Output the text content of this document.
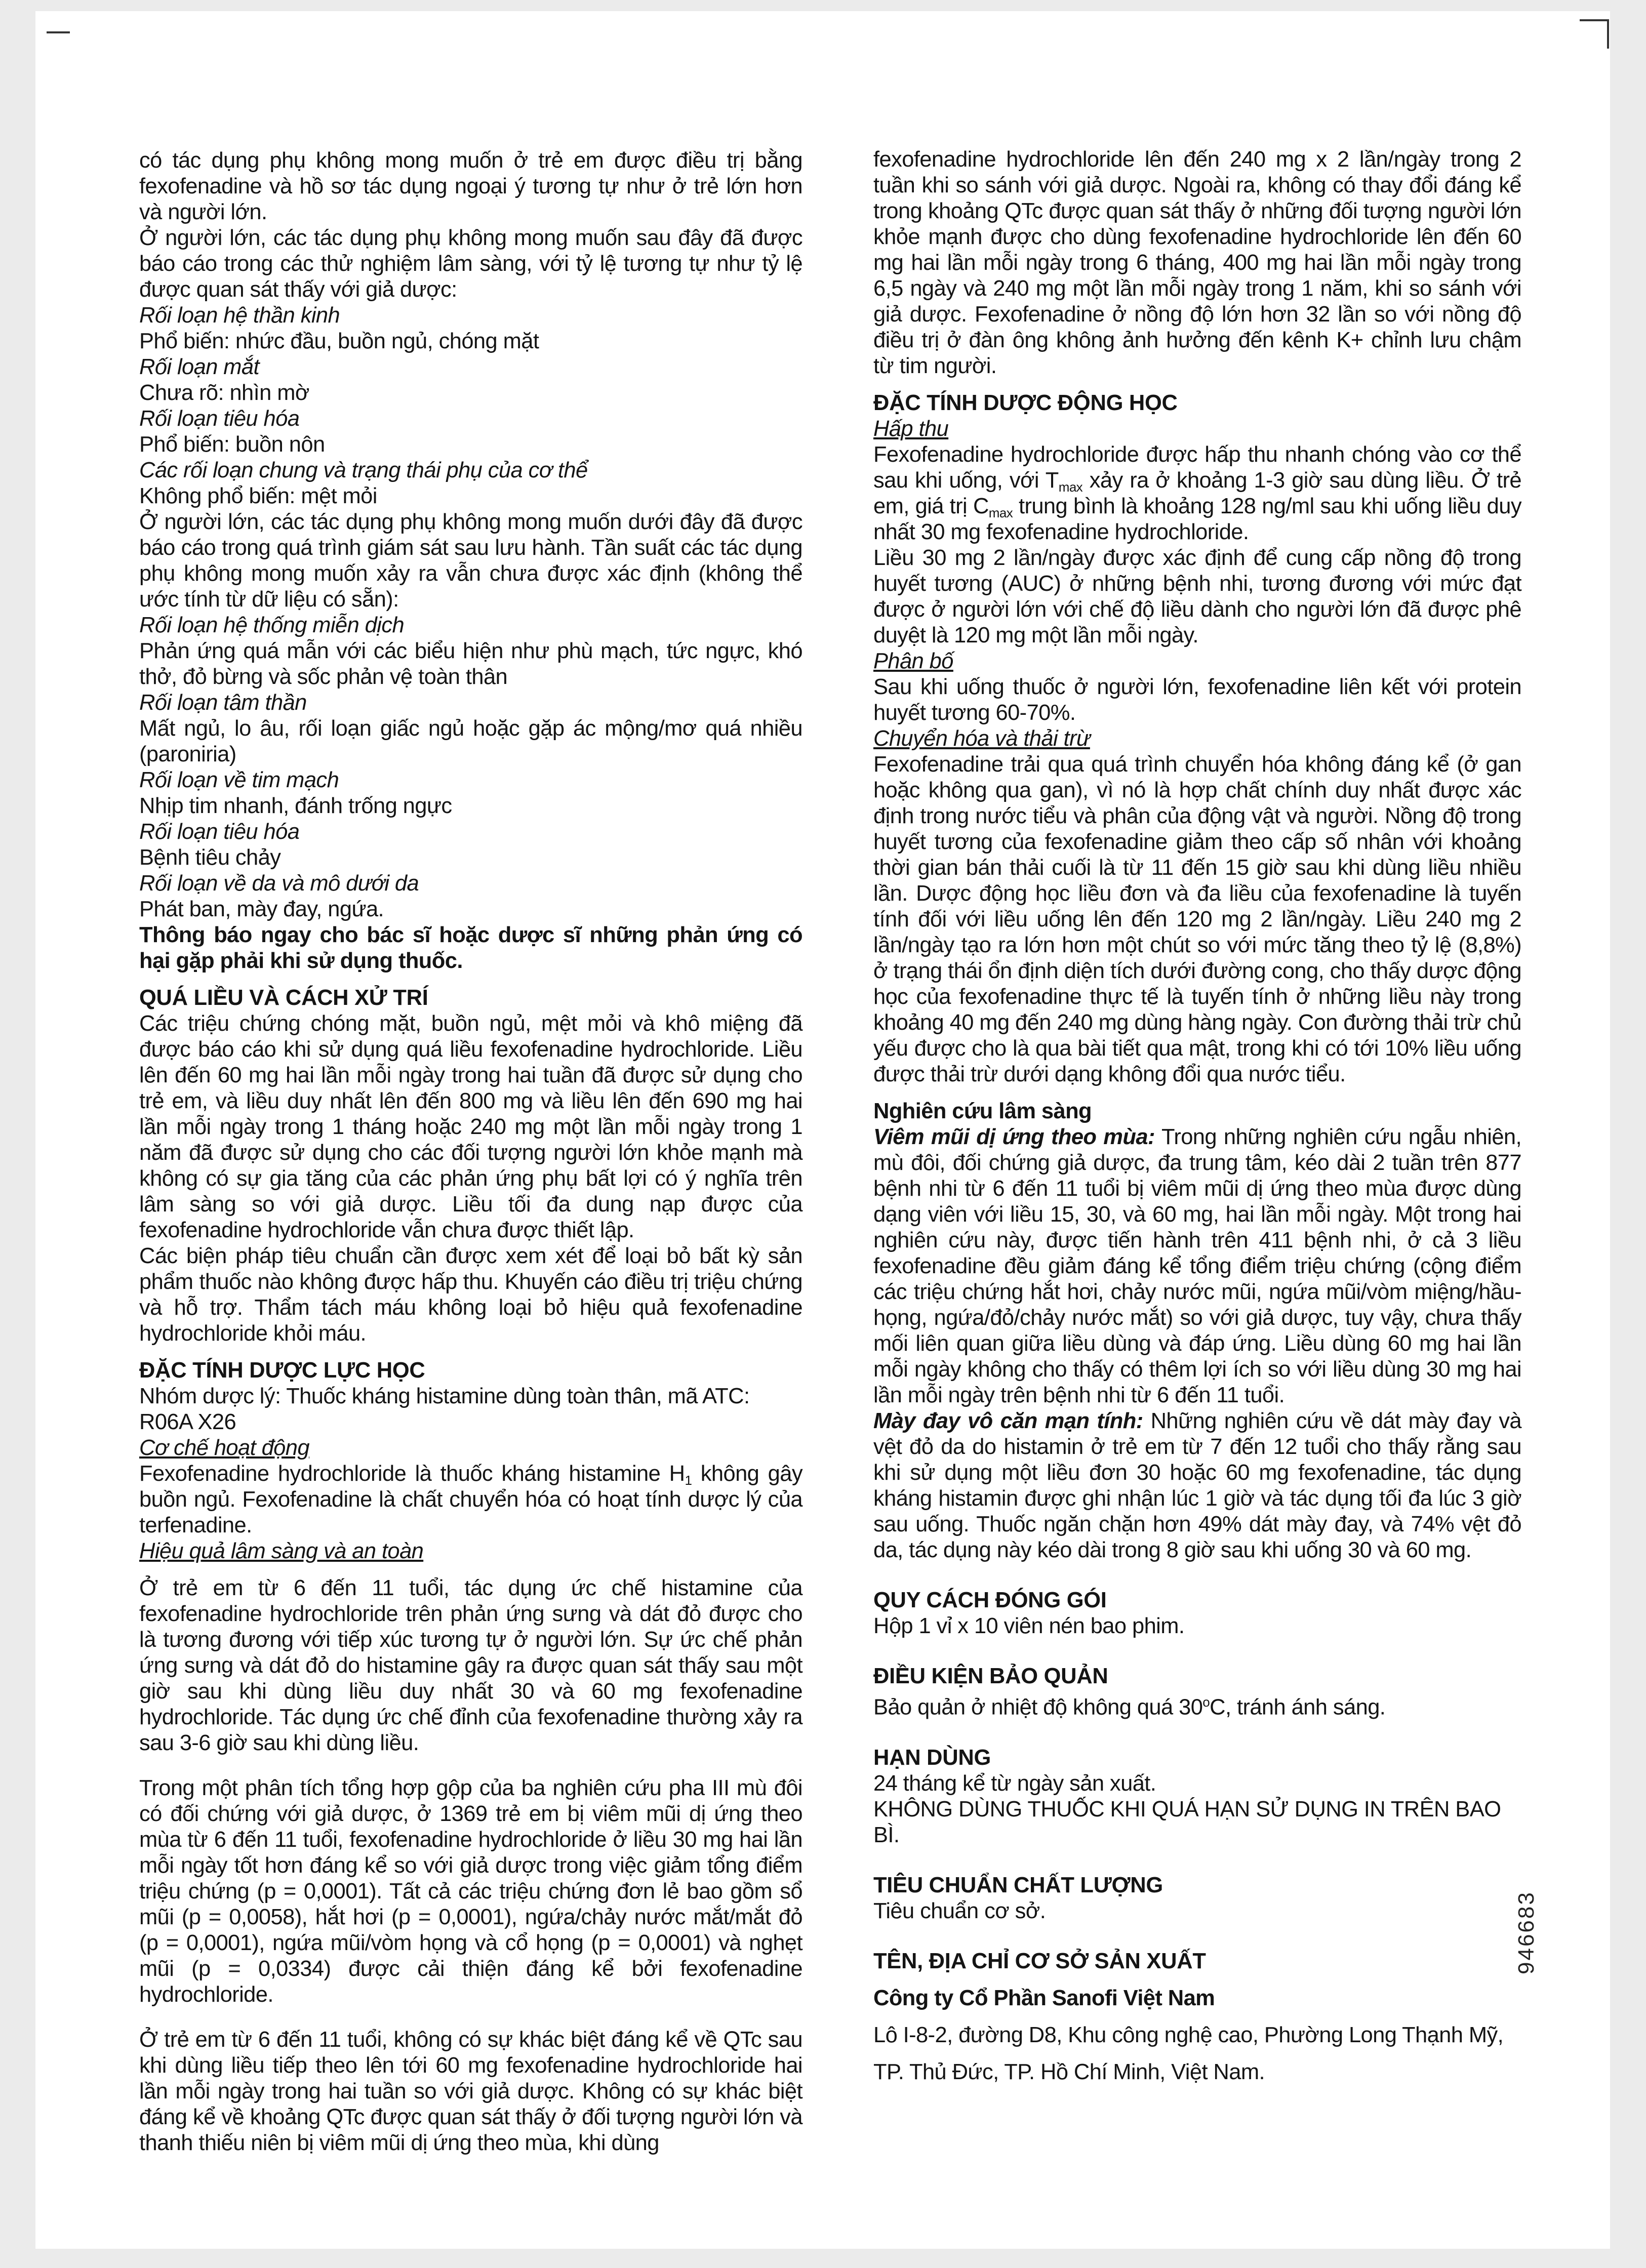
có tác dụng phụ không mong muốn ở trẻ em được điều trị bằng fexofenadine và hồ sơ tác dụng ngoại ý tương tự như ở trẻ lớn hơn và người lớn.
Ở người lớn, các tác dụng phụ không mong muốn sau đây đã được báo cáo trong các thử nghiệm lâm sàng, với tỷ lệ tương tự như tỷ lệ được quan sát thấy với giả dược:
Rối loạn hệ thần kinh
Phổ biến: nhức đầu, buồn ngủ, chóng mặt
Rối loạn mắt
Chưa rõ: nhìn mờ
Rối loạn tiêu hóa
Phổ biến: buồn nôn
Các rối loạn chung và trạng thái phụ của cơ thể
Không phổ biến: mệt mỏi
Ở người lớn, các tác dụng phụ không mong muốn dưới đây đã được báo cáo trong quá trình giám sát sau lưu hành. Tần suất các tác dụng phụ không mong muốn xảy ra vẫn chưa được xác định (không thể ước tính từ dữ liệu có sẵn):
Rối loạn hệ thống miễn dịch
Phản ứng quá mẫn với các biểu hiện như phù mạch, tức ngực, khó thở, đỏ bừng và sốc phản vệ toàn thân
Rối loạn tâm thần
Mất ngủ, lo âu, rối loạn giấc ngủ hoặc gặp ác mộng/mơ quá nhiều (paroniria)
Rối loạn về tim mạch
Nhịp tim nhanh, đánh trống ngực
Rối loạn tiêu hóa
Bệnh tiêu chảy
Rối loạn về da và mô dưới da
Phát ban, mày đay, ngứa.
Thông báo ngay cho bác sĩ hoặc dược sĩ những phản ứng có hại gặp phải khi sử dụng thuốc.
QUÁ LIỀU VÀ CÁCH XỬ TRÍ
Các triệu chứng chóng mặt, buồn ngủ, mệt mỏi và khô miệng đã được báo cáo khi sử dụng quá liều fexofenadine hydrochloride. Liều lên đến 60 mg hai lần mỗi ngày trong hai tuần đã được sử dụng cho trẻ em, và liều duy nhất lên đến 800 mg và liều lên đến 690 mg hai lần mỗi ngày trong 1 tháng hoặc 240 mg một lần mỗi ngày trong 1 năm đã được sử dụng cho các đối tượng người lớn khỏe mạnh mà không có sự gia tăng của các phản ứng phụ bất lợi có ý nghĩa trên lâm sàng so với giả dược. Liều tối đa dung nạp được của fexofenadine hydrochloride vẫn chưa được thiết lập.
Các biện pháp tiêu chuẩn cần được xem xét để loại bỏ bất kỳ sản phẩm thuốc nào không được hấp thu. Khuyến cáo điều trị triệu chứng và hỗ trợ. Thẩm tách máu không loại bỏ hiệu quả fexofenadine hydrochloride khỏi máu.
ĐẶC TÍNH DƯỢC LỰC HỌC
Nhóm dược lý: Thuốc kháng histamine dùng toàn thân, mã ATC: R06A X26
Cơ chế hoạt động
Fexofenadine hydrochloride là thuốc kháng histamine $H_1$ không gây buồn ngủ. Fexofenadine là chất chuyển hóa có hoạt tính dược lý của terfenadine.
Hiệu quả lâm sàng và an toàn
Ở trẻ em từ 6 đến 11 tuổi, tác dụng ức chế histamine của fexofenadine hydrochloride trên phản ứng sưng và dát đỏ được cho là tương đương với tiếp xúc tương tự ở người lớn. Sự ức chế phản ứng sưng và dát đỏ do histamine gây ra được quan sát thấy sau một giờ sau khi dùng liều duy nhất 30 và 60 mg fexofenadine hydrochloride. Tác dụng ức chế đỉnh của fexofenadine thường xảy ra sau 3-6 giờ sau khi dùng liều.
Trong một phân tích tổng hợp gộp của ba nghiên cứu pha III mù đôi có đối chứng với giả dược, ở 1369 trẻ em bị viêm mũi dị ứng theo mùa từ 6 đến 11 tuổi, fexofenadine hydrochloride ở liều 30 mg hai lần mỗi ngày tốt hơn đáng kể so với giả dược trong việc giảm tổng điểm triệu chứng (p = 0,0001). Tất cả các triệu chứng đơn lẻ bao gồm sổ mũi (p = 0,0058), hắt hơi (p = 0,0001), ngứa/chảy nước mắt/mắt đỏ (p = 0,0001), ngứa mũi/vòm họng và cổ họng (p = 0,0001) và nghẹt mũi (p = 0,0334) được cải thiện đáng kể bởi fexofenadine hydrochloride.
Ở trẻ em từ 6 đến 11 tuổi, không có sự khác biệt đáng kể về QTc sau khi dùng liều tiếp theo lên tới 60 mg fexofenadine hydrochloride hai lần mỗi ngày trong hai tuần so với giả dược. Không có sự khác biệt đáng kể về khoảng QTc được quan sát thấy ở đối tượng người lớn và thanh thiếu niên bị viêm mũi dị ứng theo mùa, khi dùng
fexofenadine hydrochloride lên đến 240 mg x 2 lần/ngày trong 2 tuần khi so sánh với giả dược. Ngoài ra, không có thay đổi đáng kể trong khoảng QTc được quan sát thấy ở những đối tượng người lớn khỏe mạnh được cho dùng fexofenadine hydrochloride lên đến 60 mg hai lần mỗi ngày trong 6 tháng, 400 mg hai lần mỗi ngày trong 6,5 ngày và 240 mg một lần mỗi ngày trong 1 năm, khi so sánh với giả dược. Fexofenadine ở nồng độ lớn hơn 32 lần so với nồng độ điều trị ở đàn ông không ảnh hưởng đến kênh K+ chỉnh lưu chậm từ tim người.
ĐẶC TÍNH DƯỢC ĐỘNG HỌC
Hấp thu
Fexofenadine hydrochloride được hấp thu nhanh chóng vào cơ thể sau khi uống, với $T_{max}$ xảy ra ở khoảng 1-3 giờ sau dùng liều. Ở trẻ em, giá trị $C_{max}$ trung bình là khoảng 128 ng/ml sau khi uống liều duy nhất 30 mg fexofenadine hydrochloride.
Liều 30 mg 2 lần/ngày được xác định để cung cấp nồng độ trong huyết tương (AUC) ở những bệnh nhi, tương đương với mức đạt được ở người lớn với chế độ liều dành cho người lớn đã được phê duyệt là 120 mg một lần mỗi ngày.
Phân bố
Sau khi uống thuốc ở người lớn, fexofenadine liên kết với protein huyết tương 60-70%.
Chuyển hóa và thải trừ
Fexofenadine trải qua quá trình chuyển hóa không đáng kể (ở gan hoặc không qua gan), vì nó là hợp chất chính duy nhất được xác định trong nước tiểu và phân của động vật và người. Nồng độ trong huyết tương của fexofenadine giảm theo cấp số nhân với khoảng thời gian bán thải cuối là từ 11 đến 15 giờ sau khi dùng liều nhiều lần. Dược động học liều đơn và đa liều của fexofenadine là tuyến tính đối với liều uống lên đến 120 mg 2 lần/ngày. Liều 240 mg 2 lần/ngày tạo ra lớn hơn một chút so với mức tăng theo tỷ lệ (8,8%) ở trạng thái ổn định diện tích dưới đường cong, cho thấy dược động học của fexofenadine thực tế là tuyến tính ở những liều này trong khoảng 40 mg đến 240 mg dùng hàng ngày. Con đường thải trừ chủ yếu được cho là qua bài tiết qua mật, trong khi có tới 10% liều uống được thải trừ dưới dạng không đổi qua nước tiểu.
Nghiên cứu lâm sàng
Viêm mũi dị ứng theo mùa: Trong những nghiên cứu ngẫu nhiên, mù đôi, đối chứng giả dược, đa trung tâm, kéo dài 2 tuần trên 877 bệnh nhi từ 6 đến 11 tuổi bị viêm mũi dị ứng theo mùa được dùng dạng viên với liều 15, 30, và 60 mg, hai lần mỗi ngày. Một trong hai nghiên cứu này, được tiến hành trên 411 bệnh nhi, ở cả 3 liều fexofenadine đều giảm đáng kể tổng điểm triệu chứng (cộng điểm các triệu chứng hắt hơi, chảy nước mũi, ngứa mũi/vòm miệng/hầu-họng, ngứa/đỏ/chảy nước mắt) so với giả dược, tuy vậy, chưa thấy mối liên quan giữa liều dùng và đáp ứng. Liều dùng 60 mg hai lần mỗi ngày không cho thấy có thêm lợi ích so với liều dùng 30 mg hai lần mỗi ngày trên bệnh nhi từ 6 đến 11 tuổi.
Mày đay vô căn mạn tính: Những nghiên cứu về dát mày đay và vệt đỏ da do histamin ở trẻ em từ 7 đến 12 tuổi cho thấy rằng sau khi sử dụng một liều đơn 30 hoặc 60 mg fexofenadine, tác dụng kháng histamin được ghi nhận lúc 1 giờ và tác dụng tối đa lúc 3 giờ sau uống. Thuốc ngăn chặn hơn 49% dát mày đay, và 74% vệt đỏ da, tác dụng này kéo dài trong 8 giờ sau khi uống 30 và 60 mg.
QUY CÁCH ĐÓNG GÓI
Hộp 1 vỉ x 10 viên nén bao phim.
ĐIỀU KIỆN BẢO QUẢN
Bảo quản ở nhiệt độ không quá 30$^o$C, tránh ánh sáng.
HẠN DÙNG
24 tháng kể từ ngày sản xuất.
KHÔNG DÙNG THUỐC KHI QUÁ HẠN SỬ DỤNG IN TRÊN BAO BÌ.
TIÊU CHUẨN CHẤT LƯỢNG
Tiêu chuẩn cơ sở.
TÊN, ĐỊA CHỈ CƠ SỞ SẢN XUẤT
Công ty Cổ Phần Sanofi Việt Nam
Lô I-8-2, đường D8, Khu công nghệ cao, Phường Long Thạnh Mỹ,
TP. Thủ Đức, TP. Hồ Chí Minh, Việt Nam.
946683
